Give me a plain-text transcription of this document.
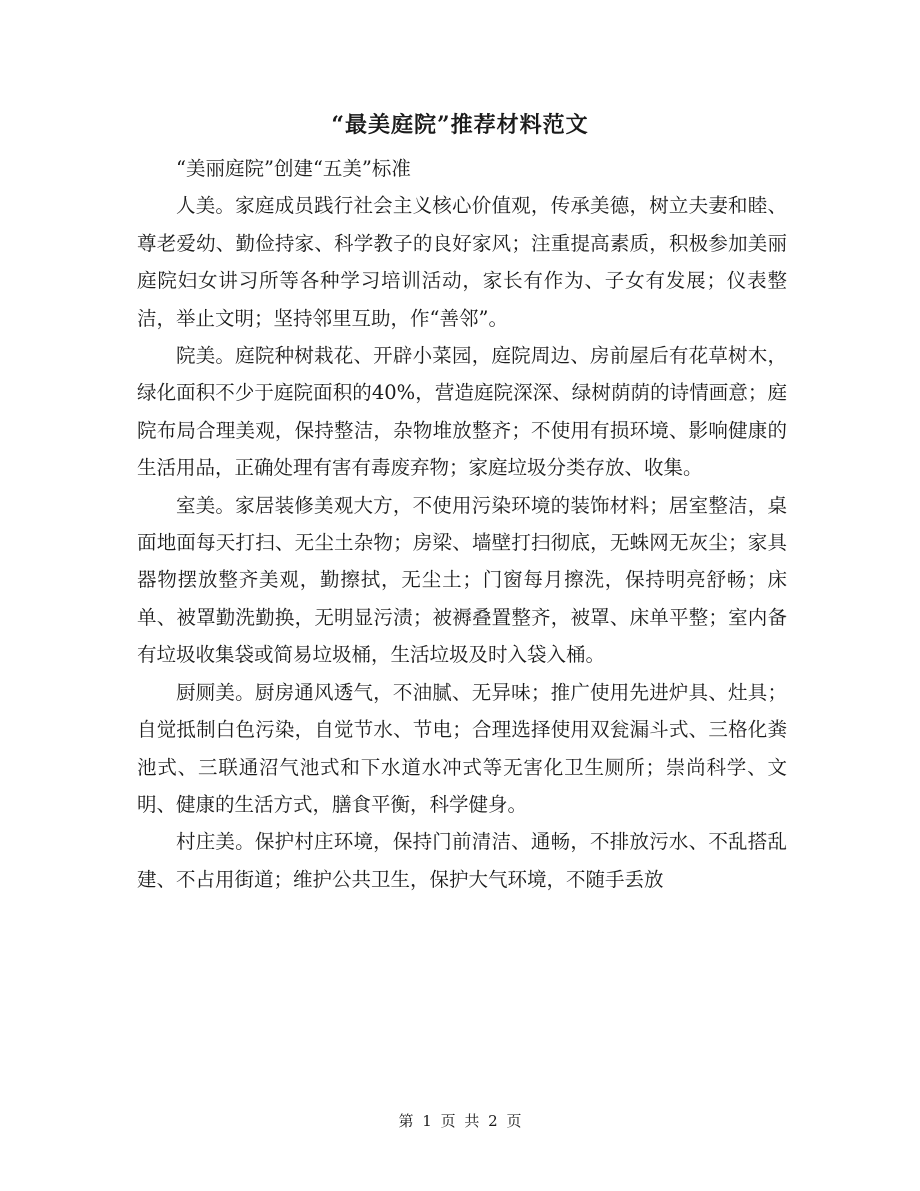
“最美庭院”推荐材料范文

“美丽庭院”创建“五美”标准

人美。家庭成员践行社会主义核心价值观，传承美德，树立夫妻和睦、尊老爱幼、勤俭持家、科学教子的良好家风；注重提高素质，积极参加美丽庭院妇女讲习所等各种学习培训活动，家长有作为、子女有发展；仪表整洁，举止文明；坚持邻里互助，作“善邻”。

院美。庭院种树栽花、开辟小菜园，庭院周边、房前屋后有花草树木，绿化面积不少于庭院面积的40%，营造庭院深深、绿树荫荫的诗情画意；庭院布局合理美观，保持整洁，杂物堆放整齐；不使用有损环境、影响健康的生活用品，正确处理有害有毒废弃物；家庭垃圾分类存放、收集。

室美。家居装修美观大方，不使用污染环境的装饰材料；居室整洁，桌面地面每天打扫、无尘土杂物；房梁、墙壁打扫彻底，无蛛网无灰尘；家具器物摆放整齐美观，勤擦拭，无尘土；门窗每月擦洗，保持明亮舒畅；床单、被罩勤洗勤换，无明显污渍；被褥叠置整齐，被罩、床单平整；室内备有垃圾收集袋或简易垃圾桶，生活垃圾及时入袋入桶。

厨厕美。厨房通风透气，不油腻、无异味；推广使用先进炉具、灶具；自觉抵制白色污染，自觉节水、节电；合理选择使用双瓮漏斗式、三格化粪池式、三联通沼气池式和下水道水冲式等无害化卫生厕所；崇尚科学、文明、健康的生活方式，膳食平衡，科学健身。

村庄美。保护村庄环境，保持门前清洁、通畅，不排放污水、不乱搭乱建、不占用街道；维护公共卫生，保护大气环境，不随手丢放

第 1 页 共 2 页
